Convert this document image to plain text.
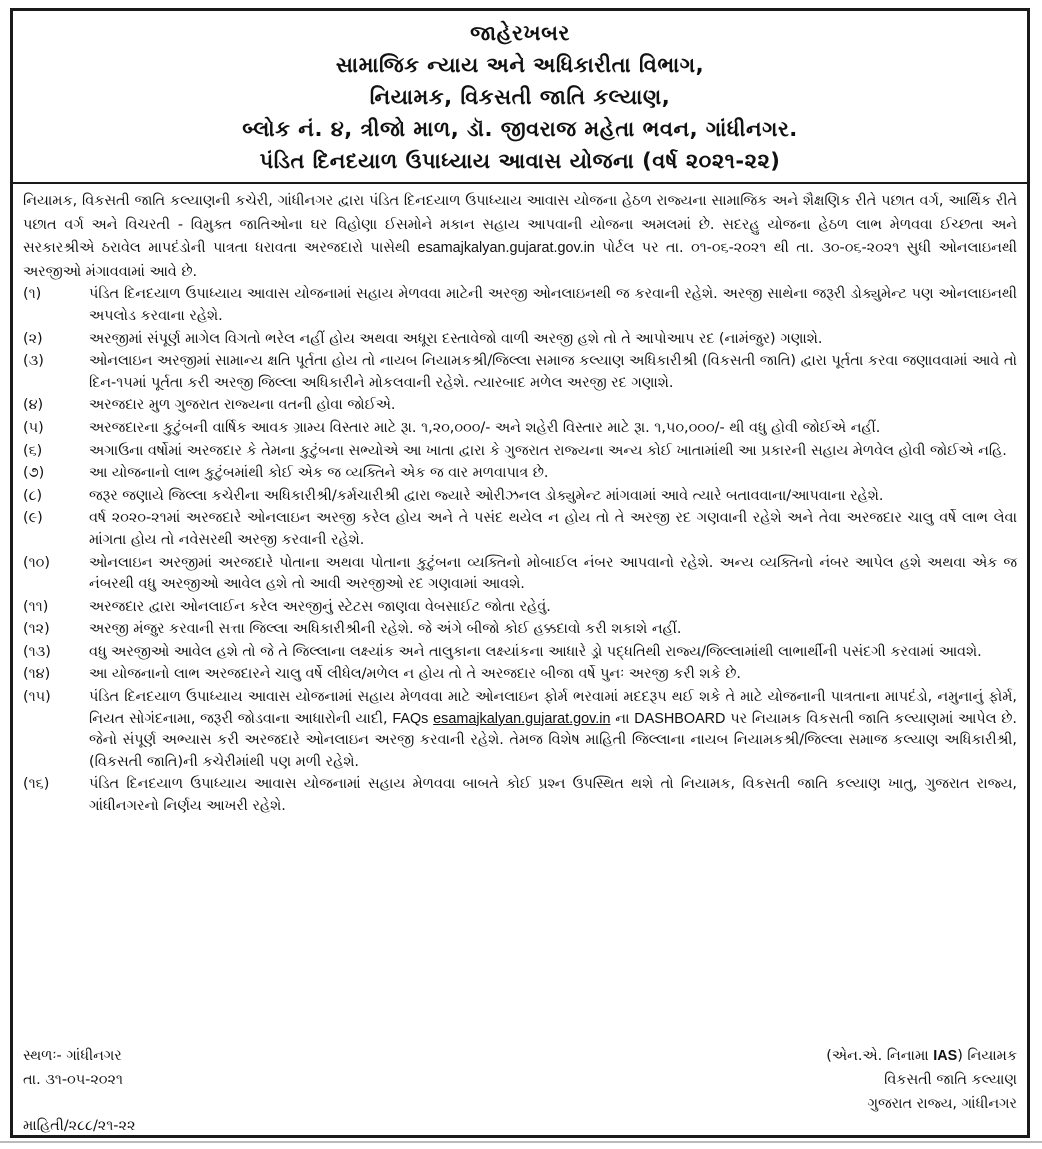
જાહેરખબર
સામાજિક ન્યાય અને અધિકારીતા વિભાગ,
નિયામક, વિકસતી જાતિ કલ્યાણ,
બ્લોક નં. ૪, ત્રીજો માળ, ડૉ. જીવરાજ મહેતા ભવન, ગાંધીનગર.
પંડિત દિનદયાળ ઉપાધ્યાય આવાસ યોજના (વર્ષ ૨૦૨૧-૨૨)
નિયામક, વિકસતી જાતિ કલ્યાણની કચેરી, ગાંધીનગર દ્વારા પંડિત દિનદયાળ ઉપાધ્યાય આવાસ યોજના હેઠળ રાજ્યના સામાજિક અને શૈક્ષણિક રીતે પછાત વર્ગ, આર્થિક રીતે પછાત વર્ગ અને વિચરતી - વિમુક્ત જાતિઓના ઘર વિહોણા ઈસમોને મકાન સહાય આપવાની યોજના અમલમાં છે. સદરહુ યોજના હેઠળ લાભ મેળવવા ઈચ્છતા અને સરકારશ્રીએ ઠરાવેલ માપદંડોની પાત્રતા ધરાવતા અરજદારો પાસેથી esamajkalyan.gujarat.gov.in પોર્ટલ પર તા. ૦૧-૦૬-૨૦૨૧ થી તા. ૩૦-૦૬-૨૦૨૧ સુધી ઓનલાઇનથી અરજીઓ મંગાવવામાં આવે છે.
(૧)	પંડિત દિનદયાળ ઉપાધ્યાય આવાસ યોજનામાં સહાય મેળવવા માટેની અરજી ઓનલાઇનથી જ કરવાની રહેશે. અરજી સાથેના જરૂરી ડોક્યુમેન્ટ પણ ઓનલાઇનથી અપલોડ કરવાના રહેશે.
(૨)	અરજીમાં સંપૂર્ણ માગેલ વિગતો ભરેલ નહીં હોય અથવા અધૂરા દસ્તાવેજો વાળી અરજી હશે તો તે આપોઆપ રદ (નામંજુર) ગણાશે.
(૩)	ઓનલાઇન અરજીમાં સામાન્ય ક્ષતિ પૂર્તતા હોય તો નાયબ નિયામકશ્રી/જિલ્લા સમાજ કલ્યાણ અધિકારીશ્રી (વિકસતી જાતિ) દ્વારા પૂર્તતા કરવા જણાવવામાં આવે તો દિન-૧૫માં પૂર્તતા કરી અરજી જિલ્લા અધિકારીને મોકલવાની રહેશે. ત્યારબાદ મળેલ અરજી રદ ગણાશે.
(૪)	અરજદાર મુળ ગુજરાત રાજ્યના વતની હોવા જોઈએ.
(૫)	અરજદારના કુટુંબની વાર્ષિક આવક ગ્રામ્ય વિસ્તાર માટે રૂા. ૧,૨૦,૦૦૦/- અને શહેરી વિસ્તાર માટે રૂા. ૧,૫૦,૦૦૦/- થી વધુ હોવી જોઈએ નહીં.
(૬)	અગાઉના વર્ષોમાં અરજદાર કે તેમના કુટુંબના સભ્યોએ આ ખાતા દ્વારા કે ગુજરાત રાજ્યના અન્ય કોઈ ખાતામાંથી આ પ્રકારની સહાય મેળવેલ હોવી જોઈએ નહિ.
(૭)	આ યોજનાનો લાભ કુટુંબમાંથી કોઈ એક જ વ્યક્તિને એક જ વાર મળવાપાત્ર છે.
(૮)	જરૂર જણાયે જિલ્લા કચેરીના અધિકારીશ્રી/કર્મચારીશ્રી દ્વારા જ્યારે ઓરીઝનલ ડોક્યુમેન્ટ માંગવામાં આવે ત્યારે બતાવવાના/આપવાના રહેશે.
(૯)	વર્ષ ૨૦૨૦-૨૧માં અરજદારે ઓનલાઇન અરજી કરેલ હોય અને તે પસંદ થયેલ ન હોય તો તે અરજી રદ ગણવાની રહેશે અને તેવા અરજદાર ચાલુ વર્ષે લાભ લેવા માંગતા હોય તો નવેસરથી અરજી કરવાની રહેશે.
(૧૦)	ઓનલાઇન અરજીમાં અરજદારે પોતાના અથવા પોતાના કુટુંબના વ્યક્તિનો મોબાઈલ નંબર આપવાનો રહેશે. અન્ય વ્યક્તિનો નંબર આપેલ હશે અથવા એક જ નંબરથી વધુ અરજીઓ આવેલ હશે તો આવી અરજીઓ રદ ગણવામાં આવશે.
(૧૧)	અરજદાર દ્વારા ઓનલાઈન કરેલ અરજીનું સ્ટેટસ જાણવા વેબસાઈટ જોતા રહેવું.
(૧૨)	અરજી મંજુર કરવાની સત્તા જિલ્લા અધિકારીશ્રીની રહેશે. જે અંગે બીજો કોઈ હક્કદાવો કરી શકાશે નહીં.
(૧૩)	વધુ અરજીઓ આવેલ હશે તો જે તે જિલ્લાના લક્ષ્યાંક અને તાલુકાના લક્ષ્યાંકના આધારે ડ્રો પદ્ધતિથી રાજ્ય/જિલ્લામાંથી લાભાર્થીની પસંદગી કરવામાં આવશે.
(૧૪)	આ યોજનાનો લાભ અરજદારને ચાલુ વર્ષે લીધેલ/મળેલ ન હોય તો તે અરજદાર બીજા વર્ષે પુનઃ અરજી કરી શકે છે.
(૧૫)	પંડિત દિનદયાળ ઉપાધ્યાય આવાસ યોજનામાં સહાય મેળવવા માટે ઓનલાઇન ફોર્મ ભરવામાં મદદરૂપ થઈ શકે તે માટે યોજનાની પાત્રતાના માપદંડો, નમુનાનું ફોર્મ, નિયત સોગંદનામા, જરૂરી જોડવાના આધારોની યાદી, FAQs esamajkalyan.gujarat.gov.in ના DASHBOARD પર નિયામક વિકસતી જાતિ કલ્યાણમાં આપેલ છે. જેનો સંપૂર્ણ અભ્યાસ કરી અરજદારે ઓનલાઇન અરજી કરવાની રહેશે. તેમજ વિશેષ માહિતી જિલ્લાના નાયબ નિયામકશ્રી/જિલ્લા સમાજ કલ્યાણ અધિકારીશ્રી, (વિકસતી જાતિ)ની કચેરીમાંથી પણ મળી રહેશે.
(૧૬)	પંડિત દિનદયાળ ઉપાધ્યાય આવાસ યોજનામાં સહાય મેળવવા બાબતે કોઈ પ્રશ્ન ઉપસ્થિત થશે તો નિયામક, વિકસતી જાતિ કલ્યાણ ખાતુ, ગુજરાત રાજ્ય, ગાંધીનગરનો નિર્ણય આખરી રહેશે.
સ્થળઃ- ગાંધીનગર
તા. ૩૧-૦૫-૨૦૨૧
(એન.એ. નિનામા IAS) નિયામક
વિકસતી જાતિ કલ્યાણ
ગુજરાત રાજ્ય, ગાંધીનગર
માહિતી/૨૮૮/૨૧-૨૨
